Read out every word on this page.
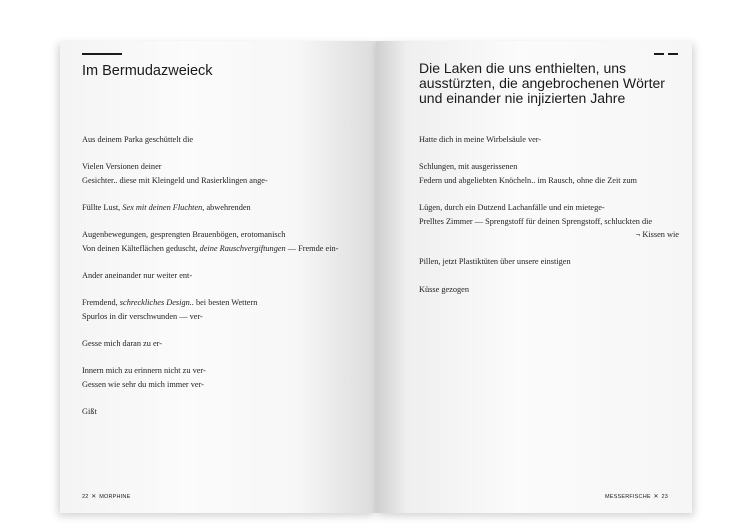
Im Bermudazweieck
Aus deinem Parka geschüttelt die
Vielen Versionen deiner
Gesichter.. diese mit Kleingeld und Rasierklingen ange-
Füllte Lust, Sex mit deinen Fluchten, abwehrenden
Augenbewegungen, gesprengten Brauenbögen, erotomanisch
Von deinen Kälteflächen geduscht, deine Rauschvergiftungen — Fremde ein-
Ander aneinander nur weiter ent-
Fremdend, schreckliches Design.. bei besten Wettern
Spurlos in dir verschwunden — ver-
Gesse mich daran zu er-
Innern mich zu erinnern nicht zu ver-
Gessen wie sehr du mich immer ver-
Gißt
22 ✕ MORPHINE
Die Laken die uns enthielten, uns
ausstürzten, die angebrochenen Wörter
und einander nie injizierten Jahre
Hatte dich in meine Wirbelsäule ver-
Schlungen, mit ausgerissenen
Federn und abgeliebten Knöcheln.. im Rausch, ohne die Zeit zum
Lügen, durch ein Dutzend Lachanfälle und ein mietege-
Prelltes Zimmer — Sprengstoff für deinen Sprengstoff, schluckten die
¬ Kissen wie
Pillen, jetzt Plastiktüten über unsere einstigen
Küsse gezogen
MESSERFISCHE ✕ 23
